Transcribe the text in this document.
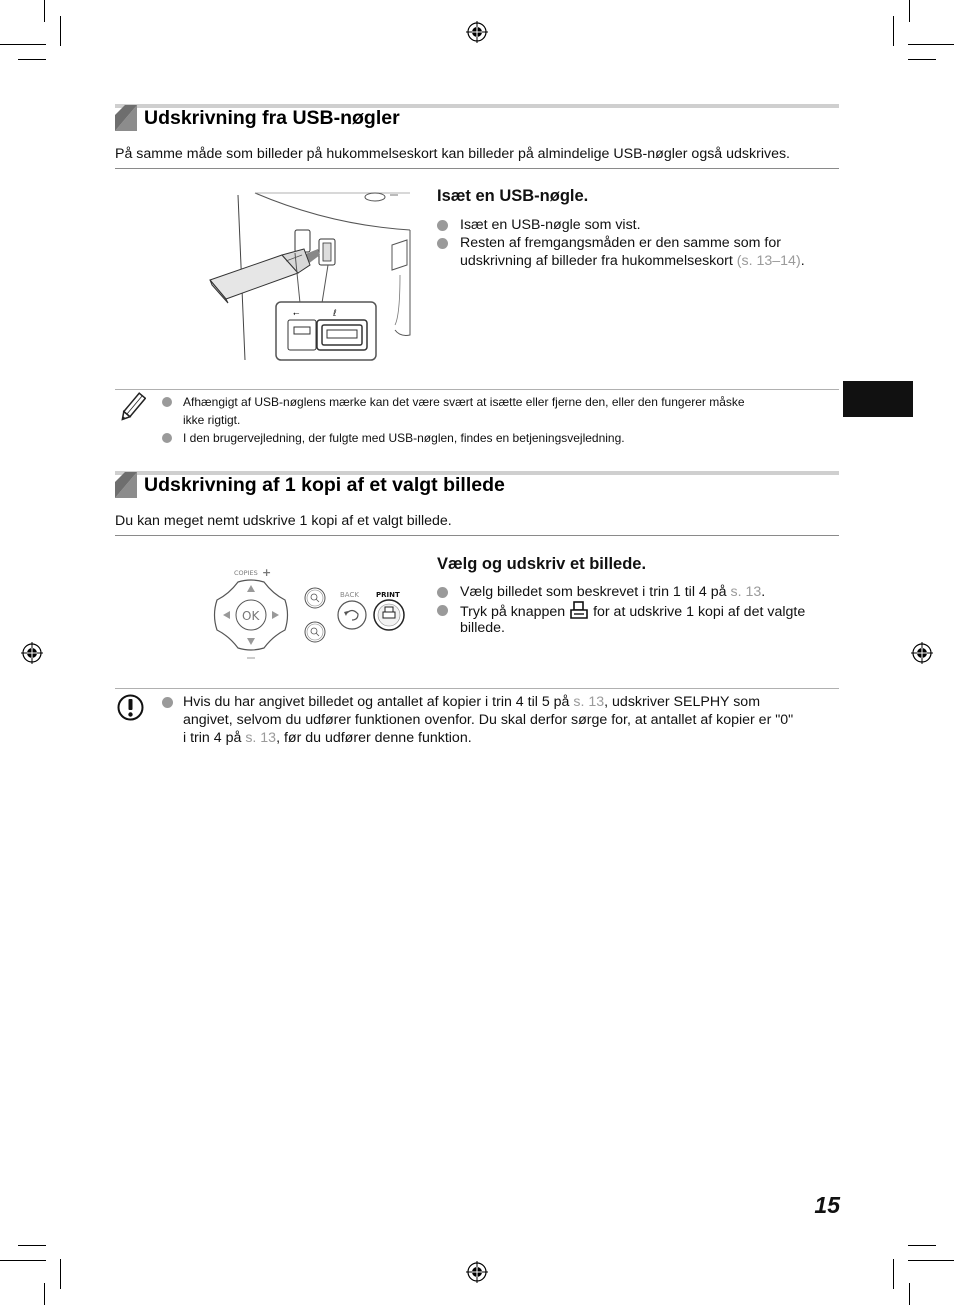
Udskrivning fra USB-nøgler
På samme måde som billeder på hukommelseskort kan billeder på almindelige USB-nøgler også udskrives.
⭠	ℓ
Isæt en USB-nøgle.
Isæt en USB-nøgle som vist.
Resten af fremgangsmåden er den samme som for
udskrivning af billeder fra hukommelseskort (s. 13–14).
Afhængigt af USB-nøglens mærke kan det være svært at isætte eller fjerne den, eller den fungerer måske
ikke rigtigt.
I den brugervejledning, der fulgte med USB-nøglen, findes en betjeningsvejledning.
Udskrivning af 1 kopi af et valgt billede
Du kan meget nemt udskrive 1 kopi af et valgt billede.
COPIES +
OK
BACK PRINT
Vælg og udskriv et billede.
Vælg billedet som beskrevet i trin 1 til 4 på s. 13.
Tryk på knappen for at udskrive 1 kopi af det valgte
billede.
Hvis du har angivet billedet og antallet af kopier i trin 4 til 5 på s. 13, udskriver SELPHY som
angivet, selvom du udfører funktionen ovenfor. Du skal derfor sørge for, at antallet af kopier er "0"
i trin 4 på s. 13, før du udfører denne funktion.
15
